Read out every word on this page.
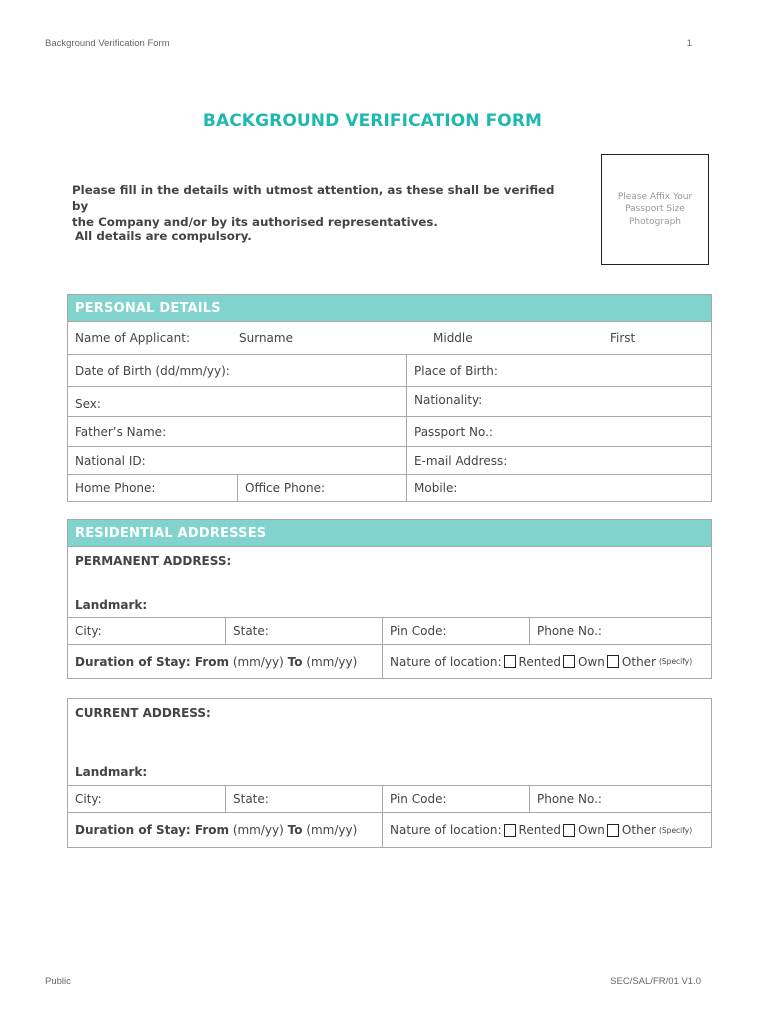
Background Verification Form	1
BACKGROUND VERIFICATION FORM
Please fill in the details with utmost attention, as these shall be verified by
the Company and/or by its authorised representatives.
All details are compulsory.
Please Affix Your Passport Size Photograph
PERSONAL DETAILS
Name of Applicant:	Surname	Middle	First
Date of Birth (dd/mm/yy):	Place of Birth:
Sex:	Nationality:
Father’s Name:	Passport No.:
National ID:	E-mail Address:
Home Phone:	Office Phone:	Mobile:
RESIDENTIAL ADDRESSES
PERMANENT ADDRESS:
Landmark:
City:	State:	Pin Code:	Phone No.:
Duration of Stay: From
(mm/yy)
To
(mm/yy)	Nature of location: Rented Own Other (Specify)
CURRENT ADDRESS:
Landmark:
City:	State:	Pin Code:	Phone No.:
Duration of Stay: From
(mm/yy)
To
(mm/yy)	Nature of location: Rented Own Other (Specify)
Public	SEC/SAL/FR/01 V1.0
